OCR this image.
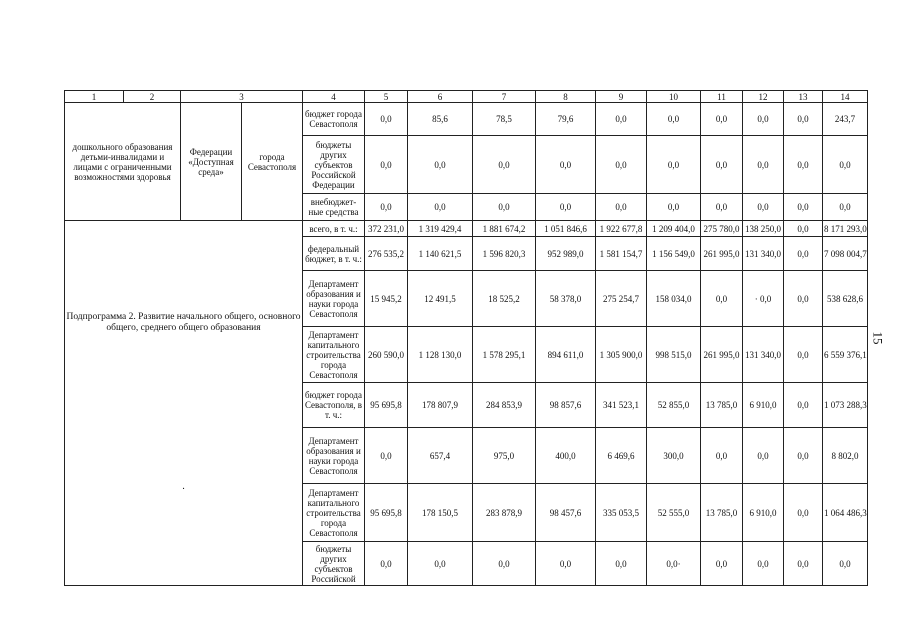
1	2	3		4	5	6	7	8	9	10	11	12	13	14
дошкольного образования детьми-инвалидами и лицами с ограниченными возможностями здоровья		Федерации «Доступная среда»	города Севастополя	бюджет города Севастополя	0,0	85,6	78,5	79,6	0,0	0,0	0,0	0,0	0,0	243,7
				бюджеты других субъектов Российской Федерации	0,0	0,0	0,0	0,0	0,0	0,0	0,0	0,0	0,0	0,0
				внебюджет-ные средства	0,0	0,0	0,0	0,0	0,0	0,0	0,0	0,0	0,0	0,0

Подпрограмма 2. Развитие начального общего, основного общего, среднего общего образования
·				всего, в т. ч.:	372 231,0	1 319 429,4	1 881 674,2	1 051 846,6	1 922 677,8	1 209 404,0	275 780,0	138 250,0	0,0	8 171 293,0
				федеральный бюджет, в т. ч.:	276 535,2	1 140 621,5	1 596 820,3	952 989,0	1 581 154,7	1 156 549,0	261 995,0	131 340,0	0,0	7 098 004,7
				Департамент образования и науки города Севастополя	15 945,2	12 491,5	18 525,2	58 378,0	275 254,7	158 034,0	0,0	· 0,0	0,0	538 628,6
				Департамент капитального строительства города Севастополя	260 590,0	1 128 130,0	1 578 295,1	894 611,0	1 305 900,0	998 515,0	261 995,0	131 340,0	0,0	6 559 376,1
				бюджет города Севастополя, в т. ч.:	95 695,8	178 807,9	284 853,9	98 857,6	341 523,1	52 855,0	13 785,0	6 910,0	0,0	1 073 288,3
				Департамент образования и науки города Севастополя	0,0	657,4	975,0	400,0	6 469,6	300,0	0,0	0,0	0,0	8 802,0
				Департамент капитального строительства города Севастополя	95 695,8	178 150,5	283 878,9	98 457,6	335 053,5	52 555,0	13 785,0	6 910,0	0,0	1 064 486,3
				бюджеты других субъектов Российской	0,0	0,0	0,0	0,0	0,0	0,0·	0,0	0,0	0,0	0,0
15
